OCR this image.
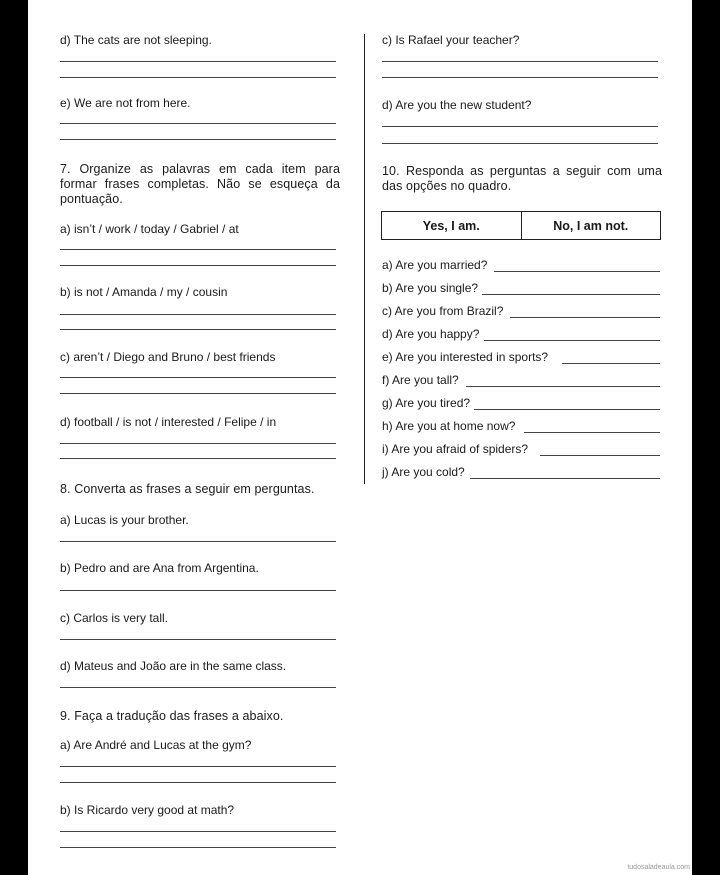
d) The cats are not sleeping.
e) We are not from here.
7. Organize as palavras em cada item para formar frases completas. Não se esqueça da pontuação.
a) isn’t / work / today / Gabriel / at
b) is not / Amanda / my / cousin
c) aren’t / Diego and Bruno / best friends
d) football / is not / interested / Felipe / in
8. Converta as frases a seguir em perguntas.
a) Lucas is your brother.
b) Pedro and are Ana from Argentina.
c) Carlos is very tall.
d) Mateus and João are in the same class.
9. Faça a tradução das frases a abaixo.
a) Are André and Lucas at the gym?
b) Is Ricardo very good at math?
c) Is Rafael your teacher?
d) Are you the new student?
10. Responda as perguntas a seguir com uma das opções no quadro.
Yes, I am.	No, I am not.
a) Are you married?
b) Are you single?
c) Are you from Brazil?
d) Are you happy?
e) Are you interested in sports?
f) Are you tall?
g) Are you tired?
h) Are you at home now?
i) Are you afraid of spiders?
j) Are you cold?
tudosaladeaula.com
